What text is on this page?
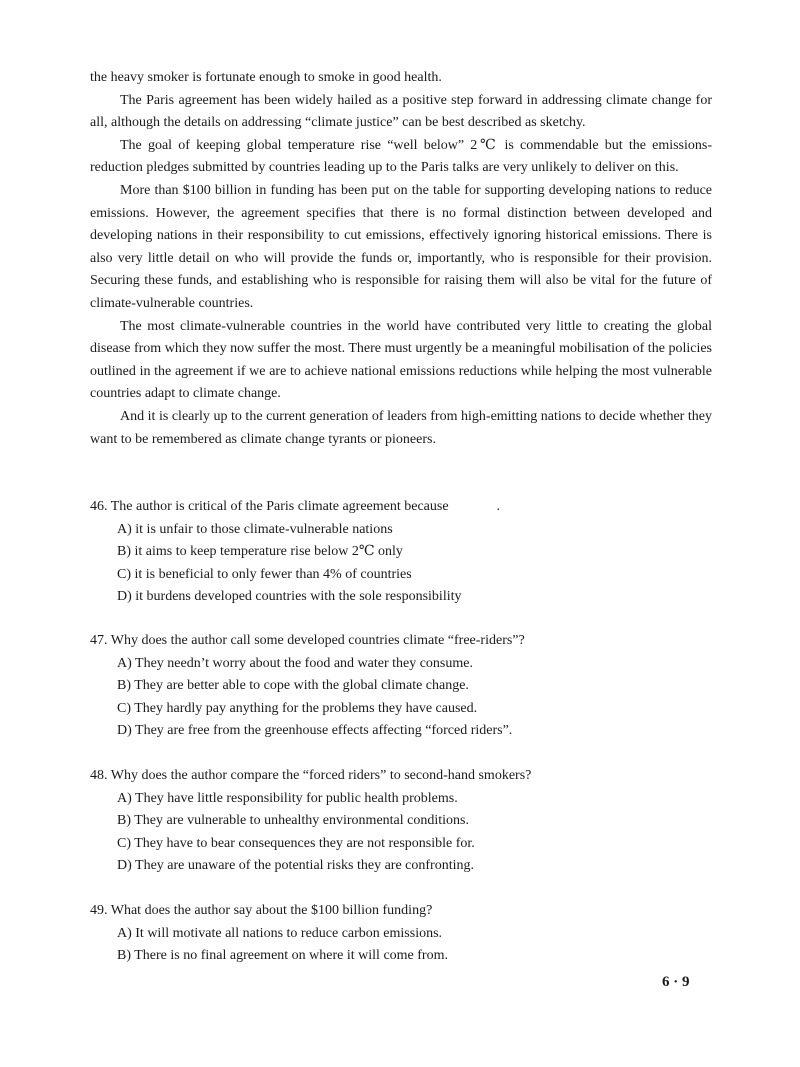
the heavy smoker is fortunate enough to smoke in good health.

The Paris agreement has been widely hailed as a positive step forward in addressing climate change for all, although the details on addressing “climate justice” can be best described as sketchy.

The goal of keeping global temperature rise “well below” 2℃ is commendable but the emissions-reduction pledges submitted by countries leading up to the Paris talks are very unlikely to deliver on this.

More than $100 billion in funding has been put on the table for supporting developing nations to reduce emissions. However, the agreement specifies that there is no formal distinction between developed and developing nations in their responsibility to cut emissions, effectively ignoring historical emissions. There is also very little detail on who will provide the funds or, importantly, who is responsible for their provision. Securing these funds, and establishing who is responsible for raising them will also be vital for the future of climate-vulnerable countries.

The most climate-vulnerable countries in the world have contributed very little to creating the global disease from which they now suffer the most. There must urgently be a meaningful mobilisation of the policies outlined in the agreement if we are to achieve national emissions reductions while helping the most vulnerable countries adapt to climate change.

And it is clearly up to the current generation of leaders from high-emitting nations to decide whether they want to be remembered as climate change tyrants or pioneers.

46. The author is critical of the Paris climate agreement because	.

A) it is unfair to those climate-vulnerable nations

B) it aims to keep temperature rise below 2℃ only

C) it is beneficial to only fewer than 4% of countries

D) it burdens developed countries with the sole responsibility

47. Why does the author call some developed countries climate “free-riders”?

A) They needn’t worry about the food and water they consume.

B) They are better able to cope with the global climate change.

C) They hardly pay anything for the problems they have caused.

D) They are free from the greenhouse effects affecting “forced riders”.

48. Why does the author compare the “forced riders” to second-hand smokers?

A) They have little responsibility for public health problems.

B) They are vulnerable to unhealthy environmental conditions.

C) They have to bear consequences they are not responsible for.

D) They are unaware of the potential risks they are confronting.

49. What does the author say about the $100 billion funding?

A) It will motivate all nations to reduce carbon emissions.

B) There is no final agreement on where it will come from.

6 · 9
